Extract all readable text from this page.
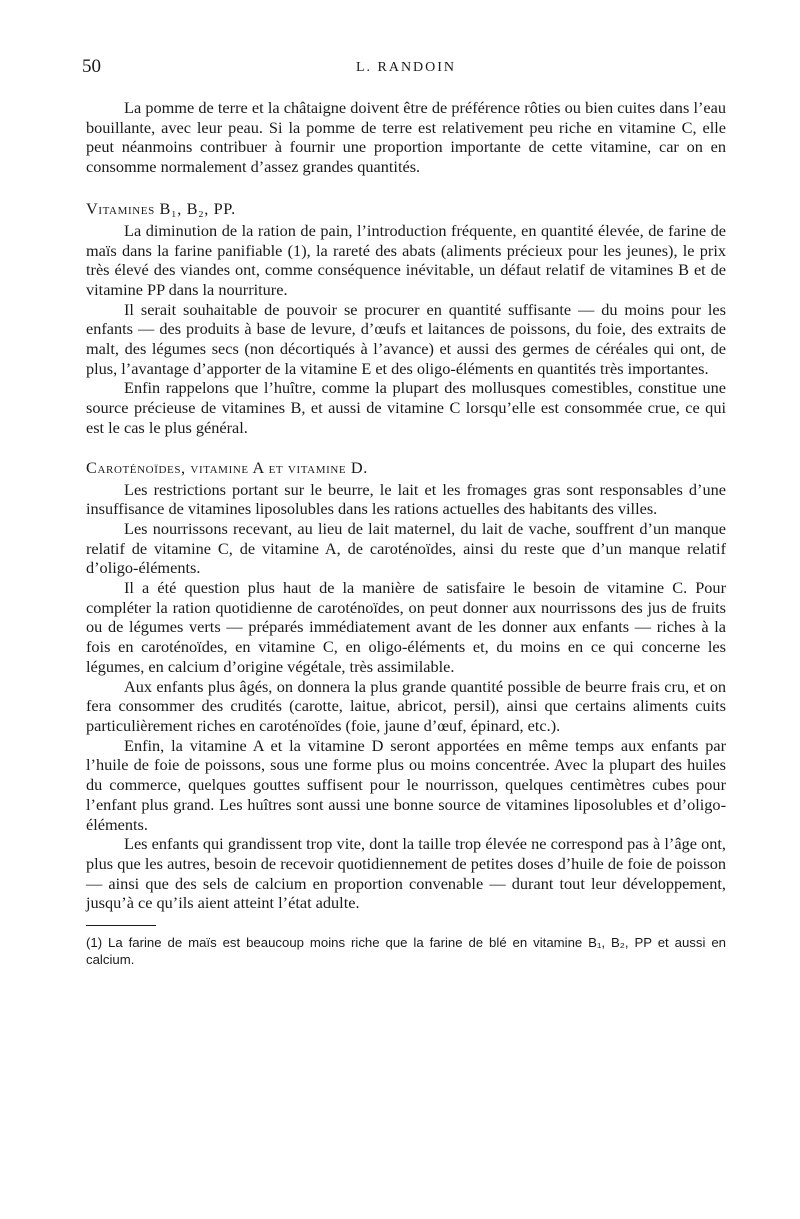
50	L. RANDOIN

La pomme de terre et la châtaigne doivent être de préférence rôties ou bien cuites dans l’eau bouillante, avec leur peau. Si la pomme de terre est relativement peu riche en vitamine C, elle peut néanmoins contribuer à fournir une proportion importante de cette vitamine, car on en consomme normalement d’assez grandes quantités.

Vitamines B₁, B₂, PP.

La diminution de la ration de pain, l’introduction fréquente, en quantité élevée, de farine de maïs dans la farine panifiable (1), la rareté des abats (aliments précieux pour les jeunes), le prix très élevé des viandes ont, comme conséquence inévitable, un défaut relatif de vitamines B et de vitamine PP dans la nourriture.

Il serait souhaitable de pouvoir se procurer en quantité suffisante — du moins pour les enfants — des produits à base de levure, d’œufs et laitances de poissons, du foie, des extraits de malt, des légumes secs (non décortiqués à l’avance) et aussi des germes de céréales qui ont, de plus, l’avantage d’apporter de la vitamine E et des oligo-éléments en quantités très importantes.

Enfin rappelons que l’huître, comme la plupart des mollusques comestibles, constitue une source précieuse de vitamines B, et aussi de vitamine C lorsqu’elle est consommée crue, ce qui est le cas le plus général.

Caroténoïdes, vitamine A et vitamine D.

Les restrictions portant sur le beurre, le lait et les fromages gras sont responsables d’une insuffisance de vitamines liposolubles dans les rations actuelles des habitants des villes.

Les nourrissons recevant, au lieu de lait maternel, du lait de vache, souffrent d’un manque relatif de vitamine C, de vitamine A, de caroténoïdes, ainsi du reste que d’un manque relatif d’oligo-éléments.

Il a été question plus haut de la manière de satisfaire le besoin de vitamine C. Pour compléter la ration quotidienne de caroténoïdes, on peut donner aux nourrissons des jus de fruits ou de légumes verts — préparés immédiatement avant de les donner aux enfants — riches à la fois en caroténoïdes, en vitamine C, en oligo-éléments et, du moins en ce qui concerne les légumes, en calcium d’origine végétale, très assimilable.

Aux enfants plus âgés, on donnera la plus grande quantité possible de beurre frais cru, et on fera consommer des crudités (carotte, laitue, abricot, persil), ainsi que certains aliments cuits particulièrement riches en caroténoïdes (foie, jaune d’œuf, épinard, etc.).

Enfin, la vitamine A et la vitamine D seront apportées en même temps aux enfants par l’huile de foie de poissons, sous une forme plus ou moins concentrée. Avec la plupart des huiles du commerce, quelques gouttes suffisent pour le nourrisson, quelques centimètres cubes pour l’enfant plus grand. Les huîtres sont aussi une bonne source de vitamines liposolubles et d’oligo-éléments.

Les enfants qui grandissent trop vite, dont la taille trop élevée ne correspond pas à l’âge ont, plus que les autres, besoin de recevoir quotidiennement de petites doses d’huile de foie de poisson — ainsi que des sels de calcium en proportion convenable — durant tout leur développement, jusqu’à ce qu’ils aient atteint l’état adulte.

(1) La farine de maïs est beaucoup moins riche que la farine de blé en vitamine B₁, B₂, PP et aussi en calcium.
